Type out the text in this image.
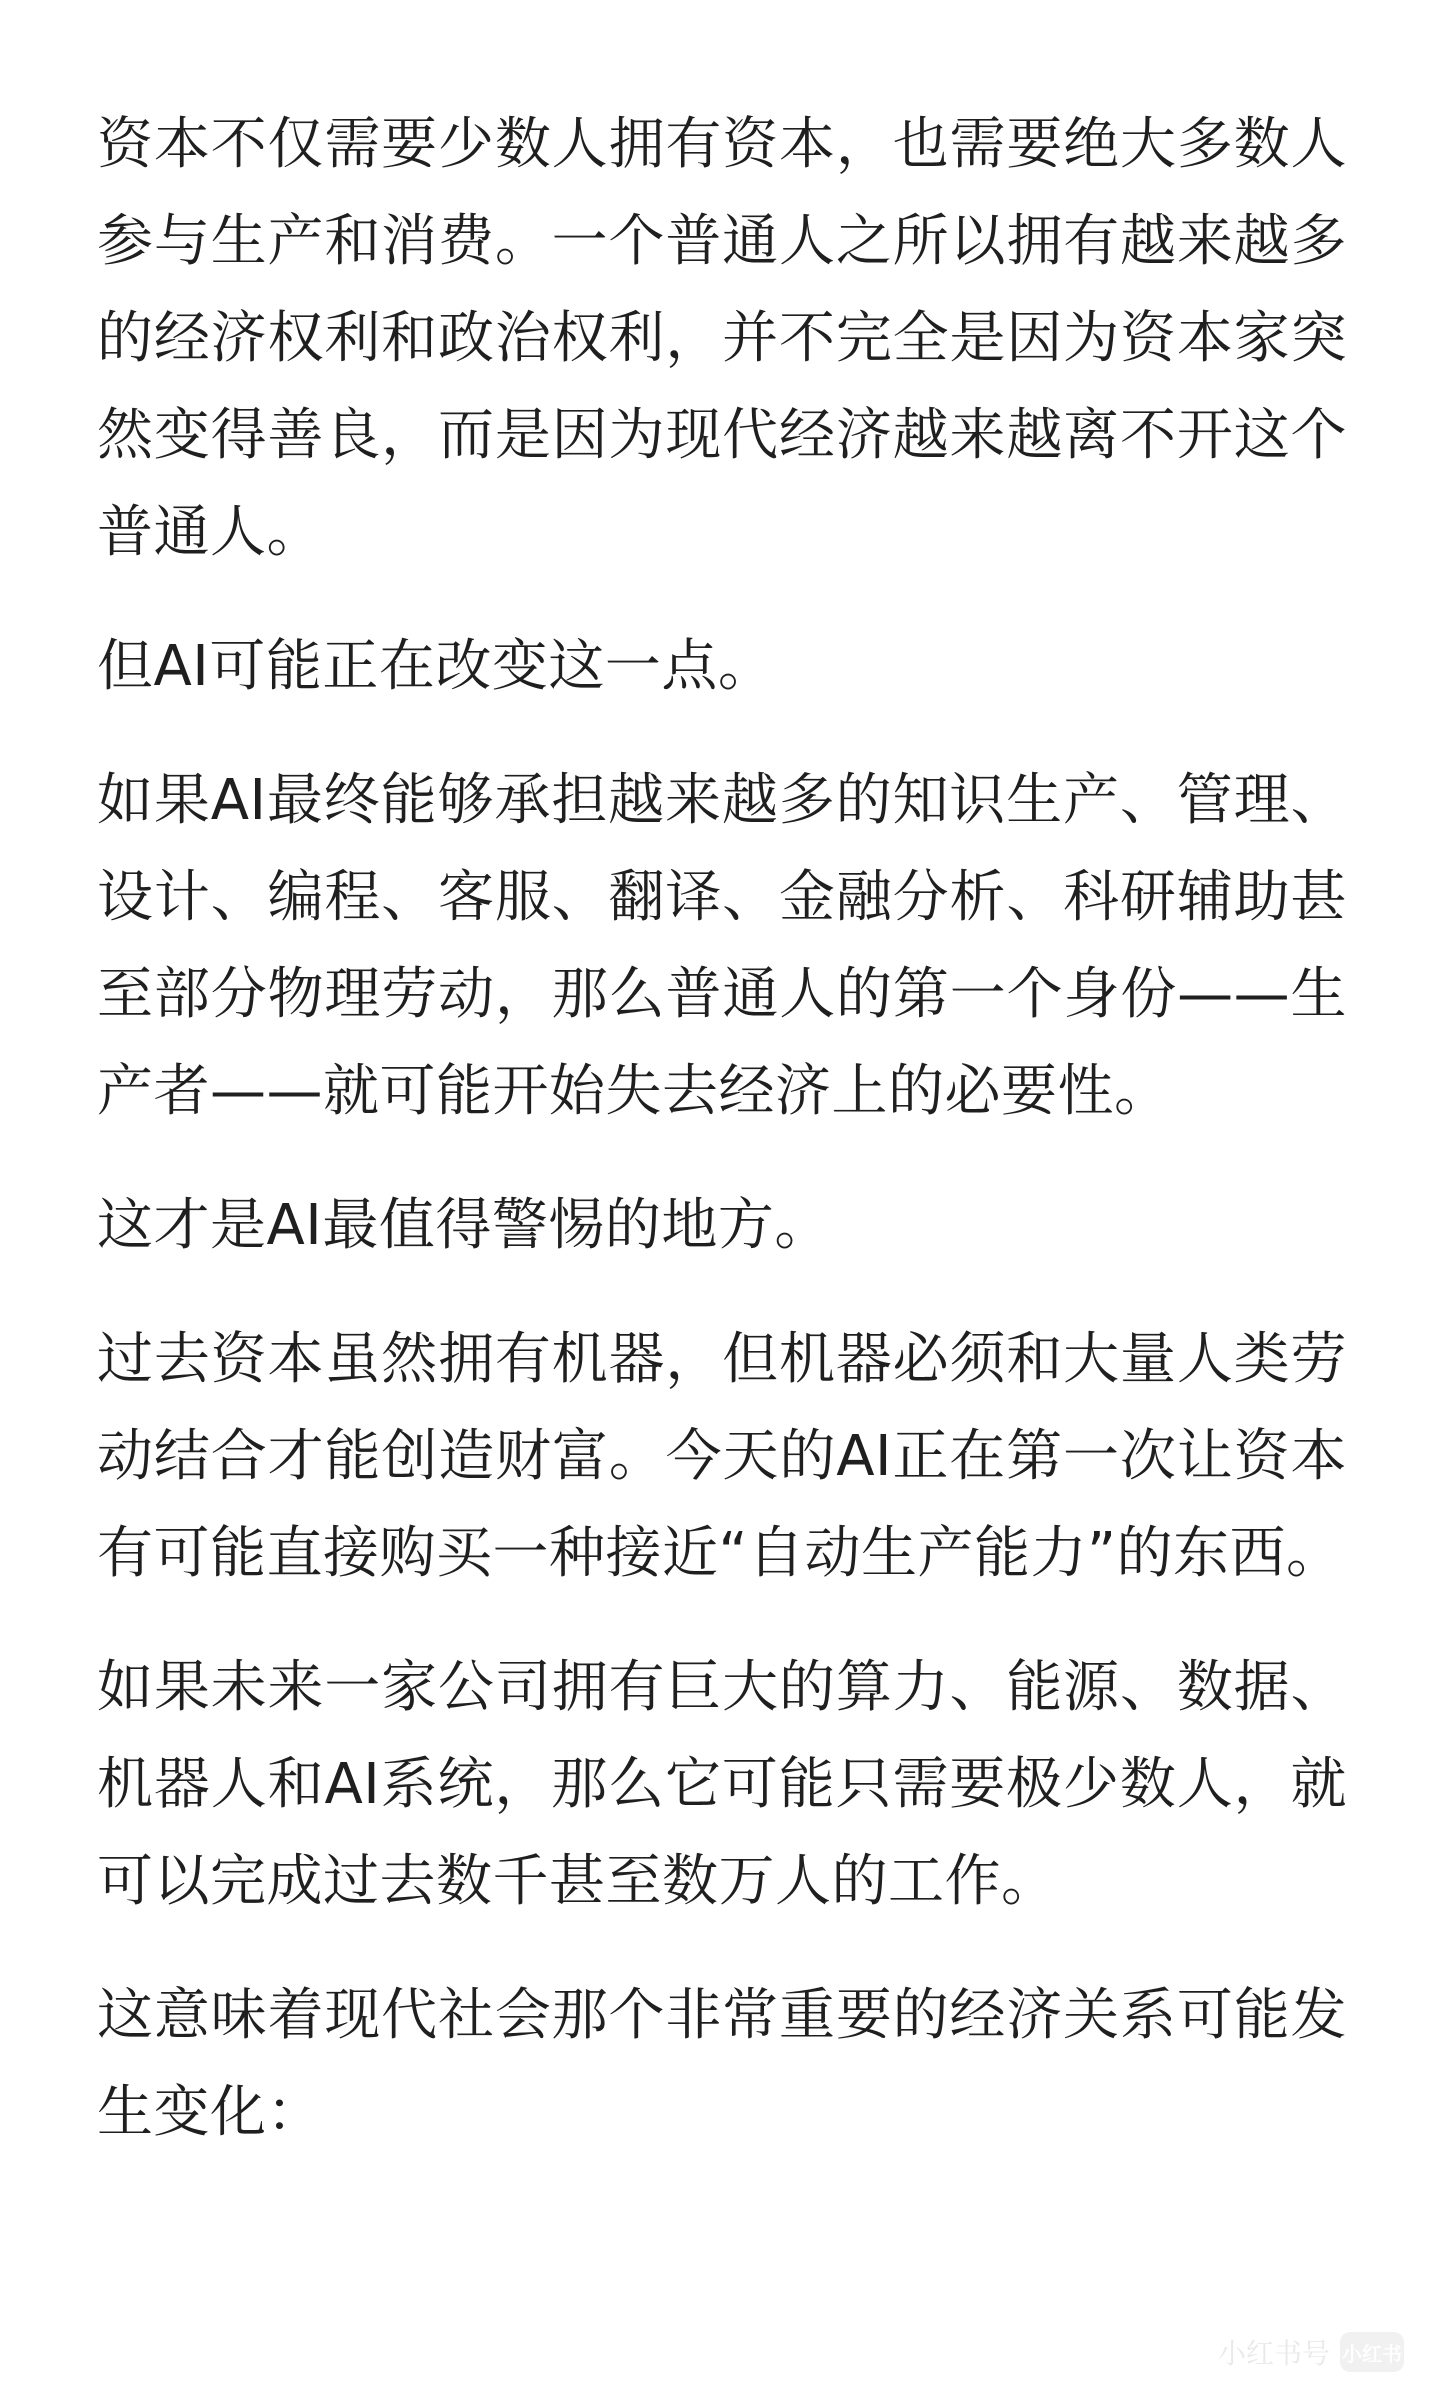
资本不仅需要少数人拥有资本，也需要绝大多数人参与生产和消费。一个普通人之所以拥有越来越多的经济权利和政治权利，并不完全是因为资本家突然变得善良，而是因为现代经济越来越离不开这个普通人。

但AI可能正在改变这一点。

如果AI最终能够承担越来越多的知识生产、管理、设计、编程、客服、翻译、金融分析、科研辅助甚至部分物理劳动，那么普通人的第一个身份——生产者——就可能开始失去经济上的必要性。

这才是AI最值得警惕的地方。

过去资本虽然拥有机器，但机器必须和大量人类劳动结合才能创造财富。今天的AI正在第一次让资本有可能直接购买一种接近“自动生产能力”的东西。

如果未来一家公司拥有巨大的算力、能源、数据、机器人和AI系统，那么它可能只需要极少数人，就可以完成过去数千甚至数万人的工作。

这意味着现代社会那个非常重要的经济关系可能发生变化：

小红书号 小红书
